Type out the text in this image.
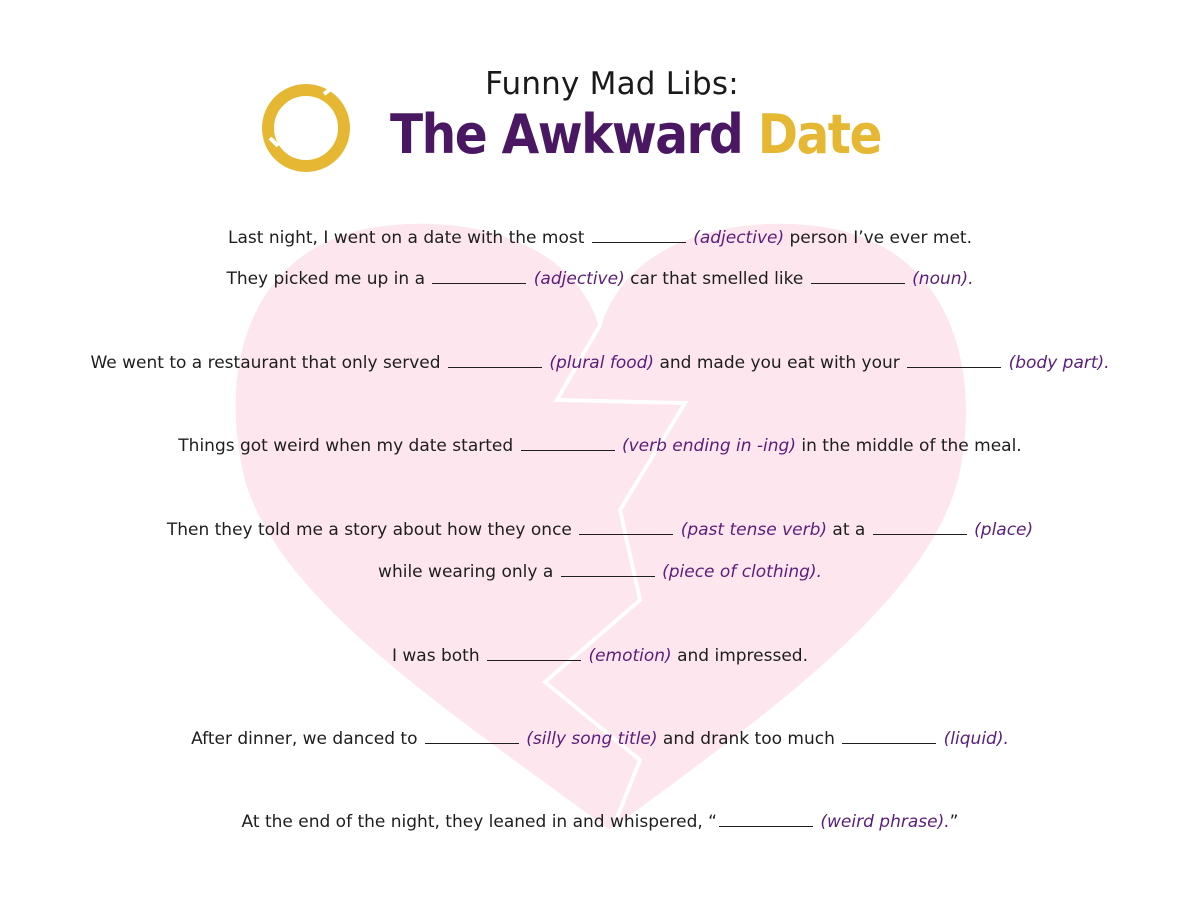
Funny Mad Libs:
The Awkward Date
Last night, I went on a date with the most	(adjective) person I’ve ever met.
They picked me up in a	(adjective) car that smelled like	(noun).
We went to a restaurant that only served	(plural food) and made you eat with your	(body part).
Things got weird when my date started	(verb ending in -ing) in the middle of the meal.
Then they told me a story about how they once	(past tense verb) at a	(place)
while wearing only a	(piece of clothing).
I was both	(emotion) and impressed.
After dinner, we danced to	(silly song title) and drank too much	(liquid).
At the end of the night, they leaned in and whispered, “	(weird phrase).”
